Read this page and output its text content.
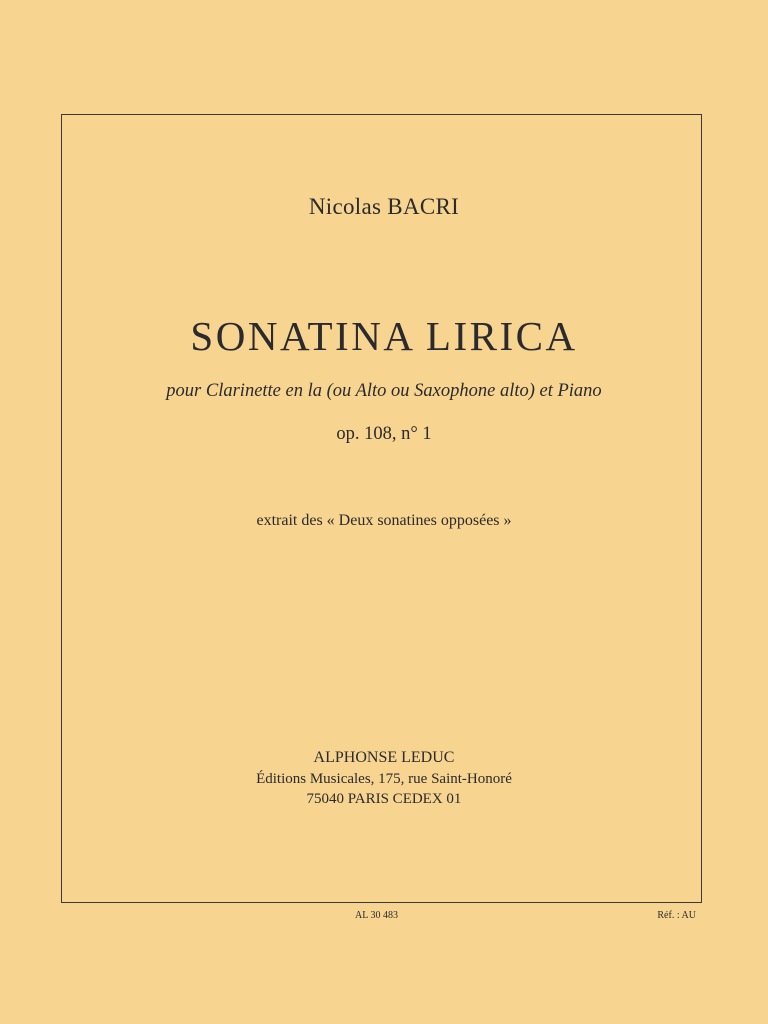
Nicolas BACRI
SONATINA LIRICA
pour Clarinette en la (ou Alto ou Saxophone alto) et Piano
op. 108, n° 1
extrait des « Deux sonatines opposées »
ALPHONSE LEDUC
Éditions Musicales, 175, rue Saint-Honoré
75040 PARIS CEDEX 01
AL 30 483	Réf. : AU
